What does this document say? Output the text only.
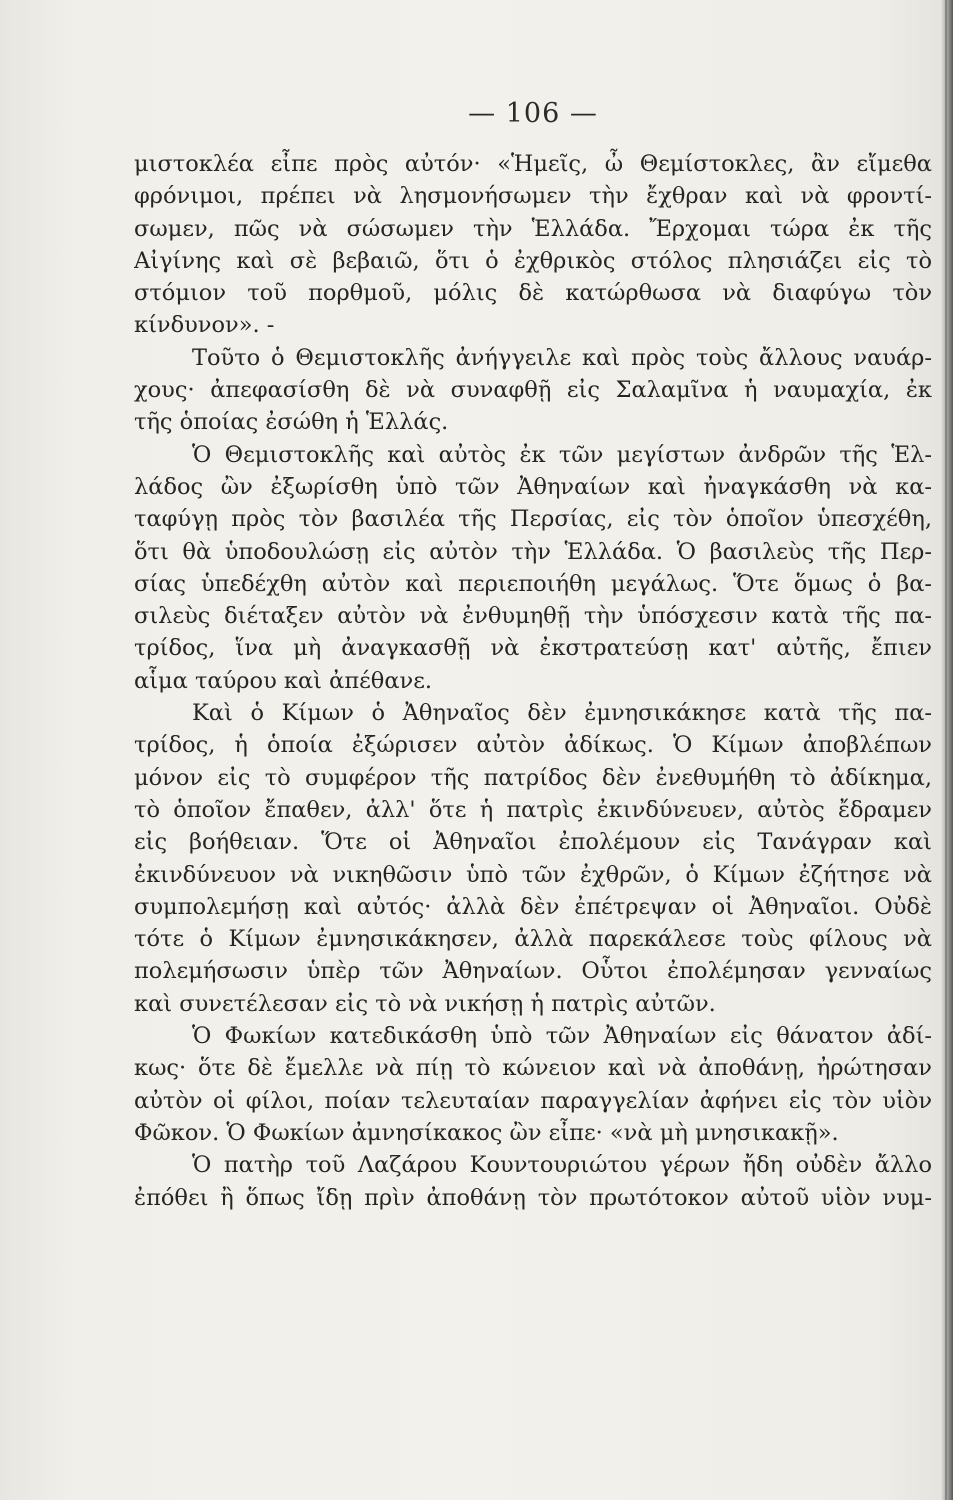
— 106 —
μιστοκλέα εἶπε πρὸς αὐτόν· «Ἡμεῖς, ὦ Θεμίστοκλες, ἂν εἴμεθα
φρόνιμοι, πρέπει νὰ λησμονήσωμεν τὴν ἔχθραν καὶ νὰ φροντί-
σωμεν, πῶς νὰ σώσωμεν τὴν Ἑλλάδα. Ἔρχομαι τώρα ἐκ τῆς
Αἰγίνης καὶ σὲ βεβαιῶ, ὅτι ὁ ἐχθρικὸς στόλος πλησιάζει εἰς τὸ
στόμιον τοῦ πορθμοῦ, μόλις δὲ κατώρθωσα νὰ διαφύγω τὸν
κίνδυνον». -
Τοῦτο ὁ Θεμιστοκλῆς ἀνήγγειλε καὶ πρὸς τοὺς ἄλλους ναυάρ-
χους· ἀπεφασίσθη δὲ νὰ συναφθῇ εἰς Σαλαμῖνα ἡ ναυμαχία, ἐκ
τῆς ὁποίας ἐσώθη ἡ Ἑλλάς.
Ὁ Θεμιστοκλῆς καὶ αὐτὸς ἐκ τῶν μεγίστων ἀνδρῶν τῆς Ἑλ-
λάδος ὢν ἐξωρίσθη ὑπὸ τῶν Ἀθηναίων καὶ ἠναγκάσθη νὰ κα-
ταφύγῃ πρὸς τὸν βασιλέα τῆς Περσίας, εἰς τὸν ὁποῖον ὑπεσχέθη,
ὅτι θὰ ὑποδουλώσῃ εἰς αὐτὸν τὴν Ἑλλάδα. Ὁ βασιλεὺς τῆς Περ-
σίας ὑπεδέχθη αὐτὸν καὶ περιεποιήθη μεγάλως. Ὅτε ὅμως ὁ βα-
σιλεὺς διέταξεν αὐτὸν νὰ ἐνθυμηθῇ τὴν ὑπόσχεσιν κατὰ τῆς πα-
τρίδος, ἵνα μὴ ἀναγκασθῇ νὰ ἐκστρατεύσῃ κατ' αὐτῆς, ἔπιεν
αἷμα ταύρου καὶ ἀπέθανε.
Καὶ ὁ Κίμων ὁ Ἀθηναῖος δὲν ἐμνησικάκησε κατὰ τῆς πα-
τρίδος, ἡ ὁποία ἐξώρισεν αὐτὸν ἀδίκως. Ὁ Κίμων ἀποβλέπων
μόνον εἰς τὸ συμφέρον τῆς πατρίδος δὲν ἐνεθυμήθη τὸ ἀδίκημα,
τὸ ὁποῖον ἔπαθεν, ἀλλ' ὅτε ἡ πατρὶς ἐκινδύνευεν, αὐτὸς ἔδραμεν
εἰς βοήθειαν. Ὅτε οἱ Ἀθηναῖοι ἐπολέμουν εἰς Τανάγραν καὶ
ἐκινδύνευον νὰ νικηθῶσιν ὑπὸ τῶν ἐχθρῶν, ὁ Κίμων ἐζήτησε νὰ
συμπολεμήσῃ καὶ αὐτός· ἀλλὰ δὲν ἐπέτρεψαν οἱ Ἀθηναῖοι. Οὐδὲ
τότε ὁ Κίμων ἐμνησικάκησεν, ἀλλὰ παρεκάλεσε τοὺς φίλους νὰ
πολεμήσωσιν ὑπὲρ τῶν Ἀθηναίων. Οὗτοι ἐπολέμησαν γενναίως
καὶ συνετέλεσαν εἰς τὸ νὰ νικήσῃ ἡ πατρὶς αὐτῶν.
Ὁ Φωκίων κατεδικάσθη ὑπὸ τῶν Ἀθηναίων εἰς θάνατον ἀδί-
κως· ὅτε δὲ ἔμελλε νὰ πίῃ τὸ κώνειον καὶ νὰ ἀποθάνῃ, ἠρώτησαν
αὐτὸν οἱ φίλοι, ποίαν τελευταίαν παραγγελίαν ἀφήνει εἰς τὸν υἱὸν
Φῶκον. Ὁ Φωκίων ἀμνησίκακος ὢν εἶπε· «νὰ μὴ μνησικακῇ».
Ὁ πατὴρ τοῦ Λαζάρου Κουντουριώτου γέρων ἤδη οὐδὲν ἄλλο
ἐπόθει ἢ ὅπως ἴδῃ πρὶν ἀποθάνῃ τὸν πρωτότοκον αὐτοῦ υἱὸν νυμ-
